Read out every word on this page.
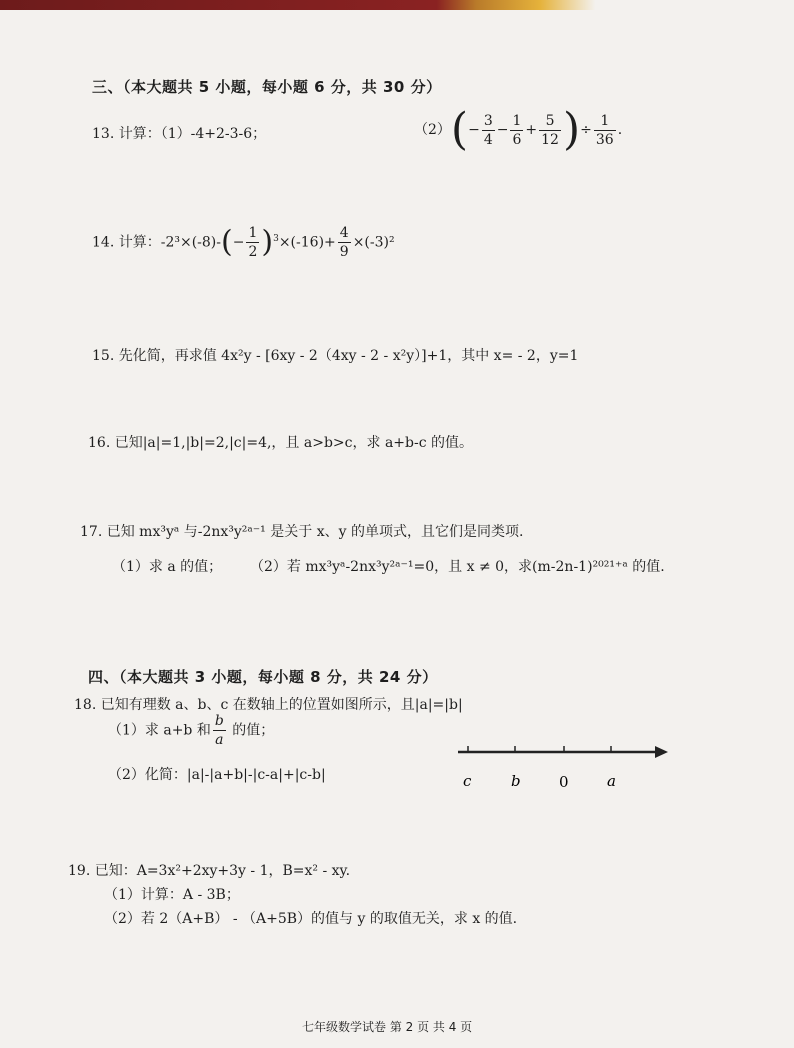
三、（本大题共 5 小题，每小题 6 分，共 30 分）
13. 计算：（1）-4+2-3-6；	$(2)(- \frac{3}{4} - \frac{1}{6} + \frac{5}{12}$ )÷ $\frac{1}{36}$ .
14. 计算：$-2^3\times(-8)-(- \frac{1}{2} )^3\times(-16)+ \frac{4}{9} \times(-3)^2$
15. 先化简，再求值 4x²y - [6xy - 2（4xy - 2 - x²y）]+1，其中 x= - 2，y=1
16. 已知|a|=1,|b|=2,|c|=4,，且 a>b>c，求 a+b-c 的值。
17. 已知 mx³yᵃ 与-2nx³y²ᵃ⁻¹ 是关于 x、y 的单项式，且它们是同类项.
（1）求 a 的值； （2）若 mx³yᵃ-2nx³y²ᵃ⁻¹=0，且 x ≠ 0，求(m-2n-1)²⁰²¹⁺ᵃ 的值.
四、（本大题共 3 小题，每小题 8 分，共 24 分）
18. 已知有理数 a、b、c 在数轴上的位置如图所示，且|a|=|b|
（1）求 a+b 和 $\frac{b}{a}$ 的值；
（2）化简：|a|-|a+b|-|c-a|+|c-b|	c	b	0	a
19. 已知：A=3x²+2xy+3y - 1，B=x² - xy.
（1）计算：A - 3B；
（2）若 2（A+B） - （A+5B）的值与 y 的取值无关，求 x 的值.
七年级数学试卷 第 2 页 共 4 页
